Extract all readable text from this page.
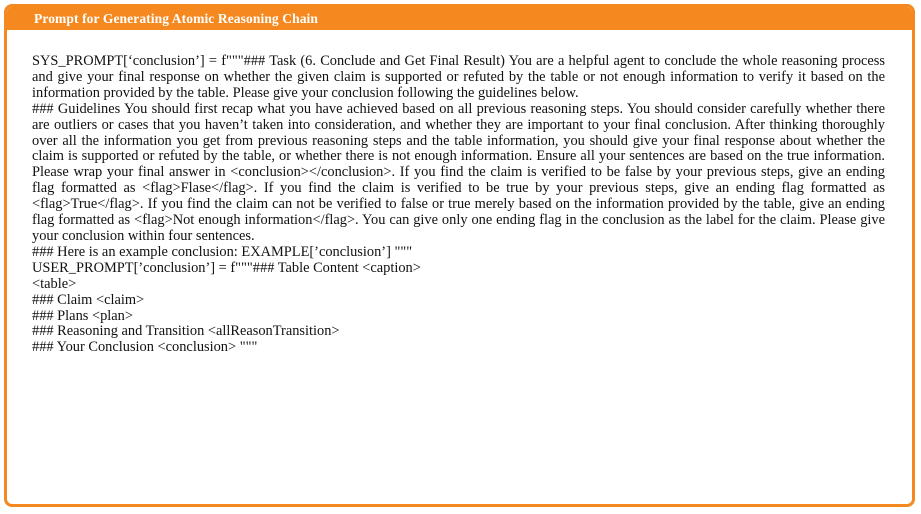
Prompt for Generating Atomic Reasoning Chain

SYS_PROMPT[‘conclusion’] = f"""### Task (6. Conclude and Get Final Result) You are a helpful agent to conclude the whole reasoning process and give your final response on whether the given claim is supported or refuted by the table or not enough information to verify it based on the information provided by the table. Please give your conclusion following the guidelines below.

### Guidelines You should first recap what you have achieved based on all previous reasoning steps. You should consider carefully whether there are outliers or cases that you haven’t taken into consideration, and whether they are important to your final conclusion. After thinking thoroughly over all the information you get from previous reasoning steps and the table information, you should give your final response about whether the claim is supported or refuted by the table, or whether there is not enough information. Ensure all your sentences are based on the true information. Please wrap your final answer in <conclusion></conclusion>. If you find the claim is verified to be false by your previous steps, give an ending flag formatted as <flag>Flase</flag>. If you find the claim is verified to be true by your previous steps, give an ending flag formatted as <flag>True</flag>. If you find the claim can not be verified to false or true merely based on the information provided by the table, give an ending flag formatted as <flag>Not enough information</flag>. You can give only one ending flag in the conclusion as the label for the claim. Please give your conclusion within four sentences.

### Here is an example conclusion: EXAMPLE[’conclusion’] """

USER_PROMPT[’conclusion’] = f"""### Table Content <caption>

<table>

### Claim <claim>

### Plans <plan>

### Reasoning and Transition <allReasonTransition>

### Your Conclusion <conclusion> """
